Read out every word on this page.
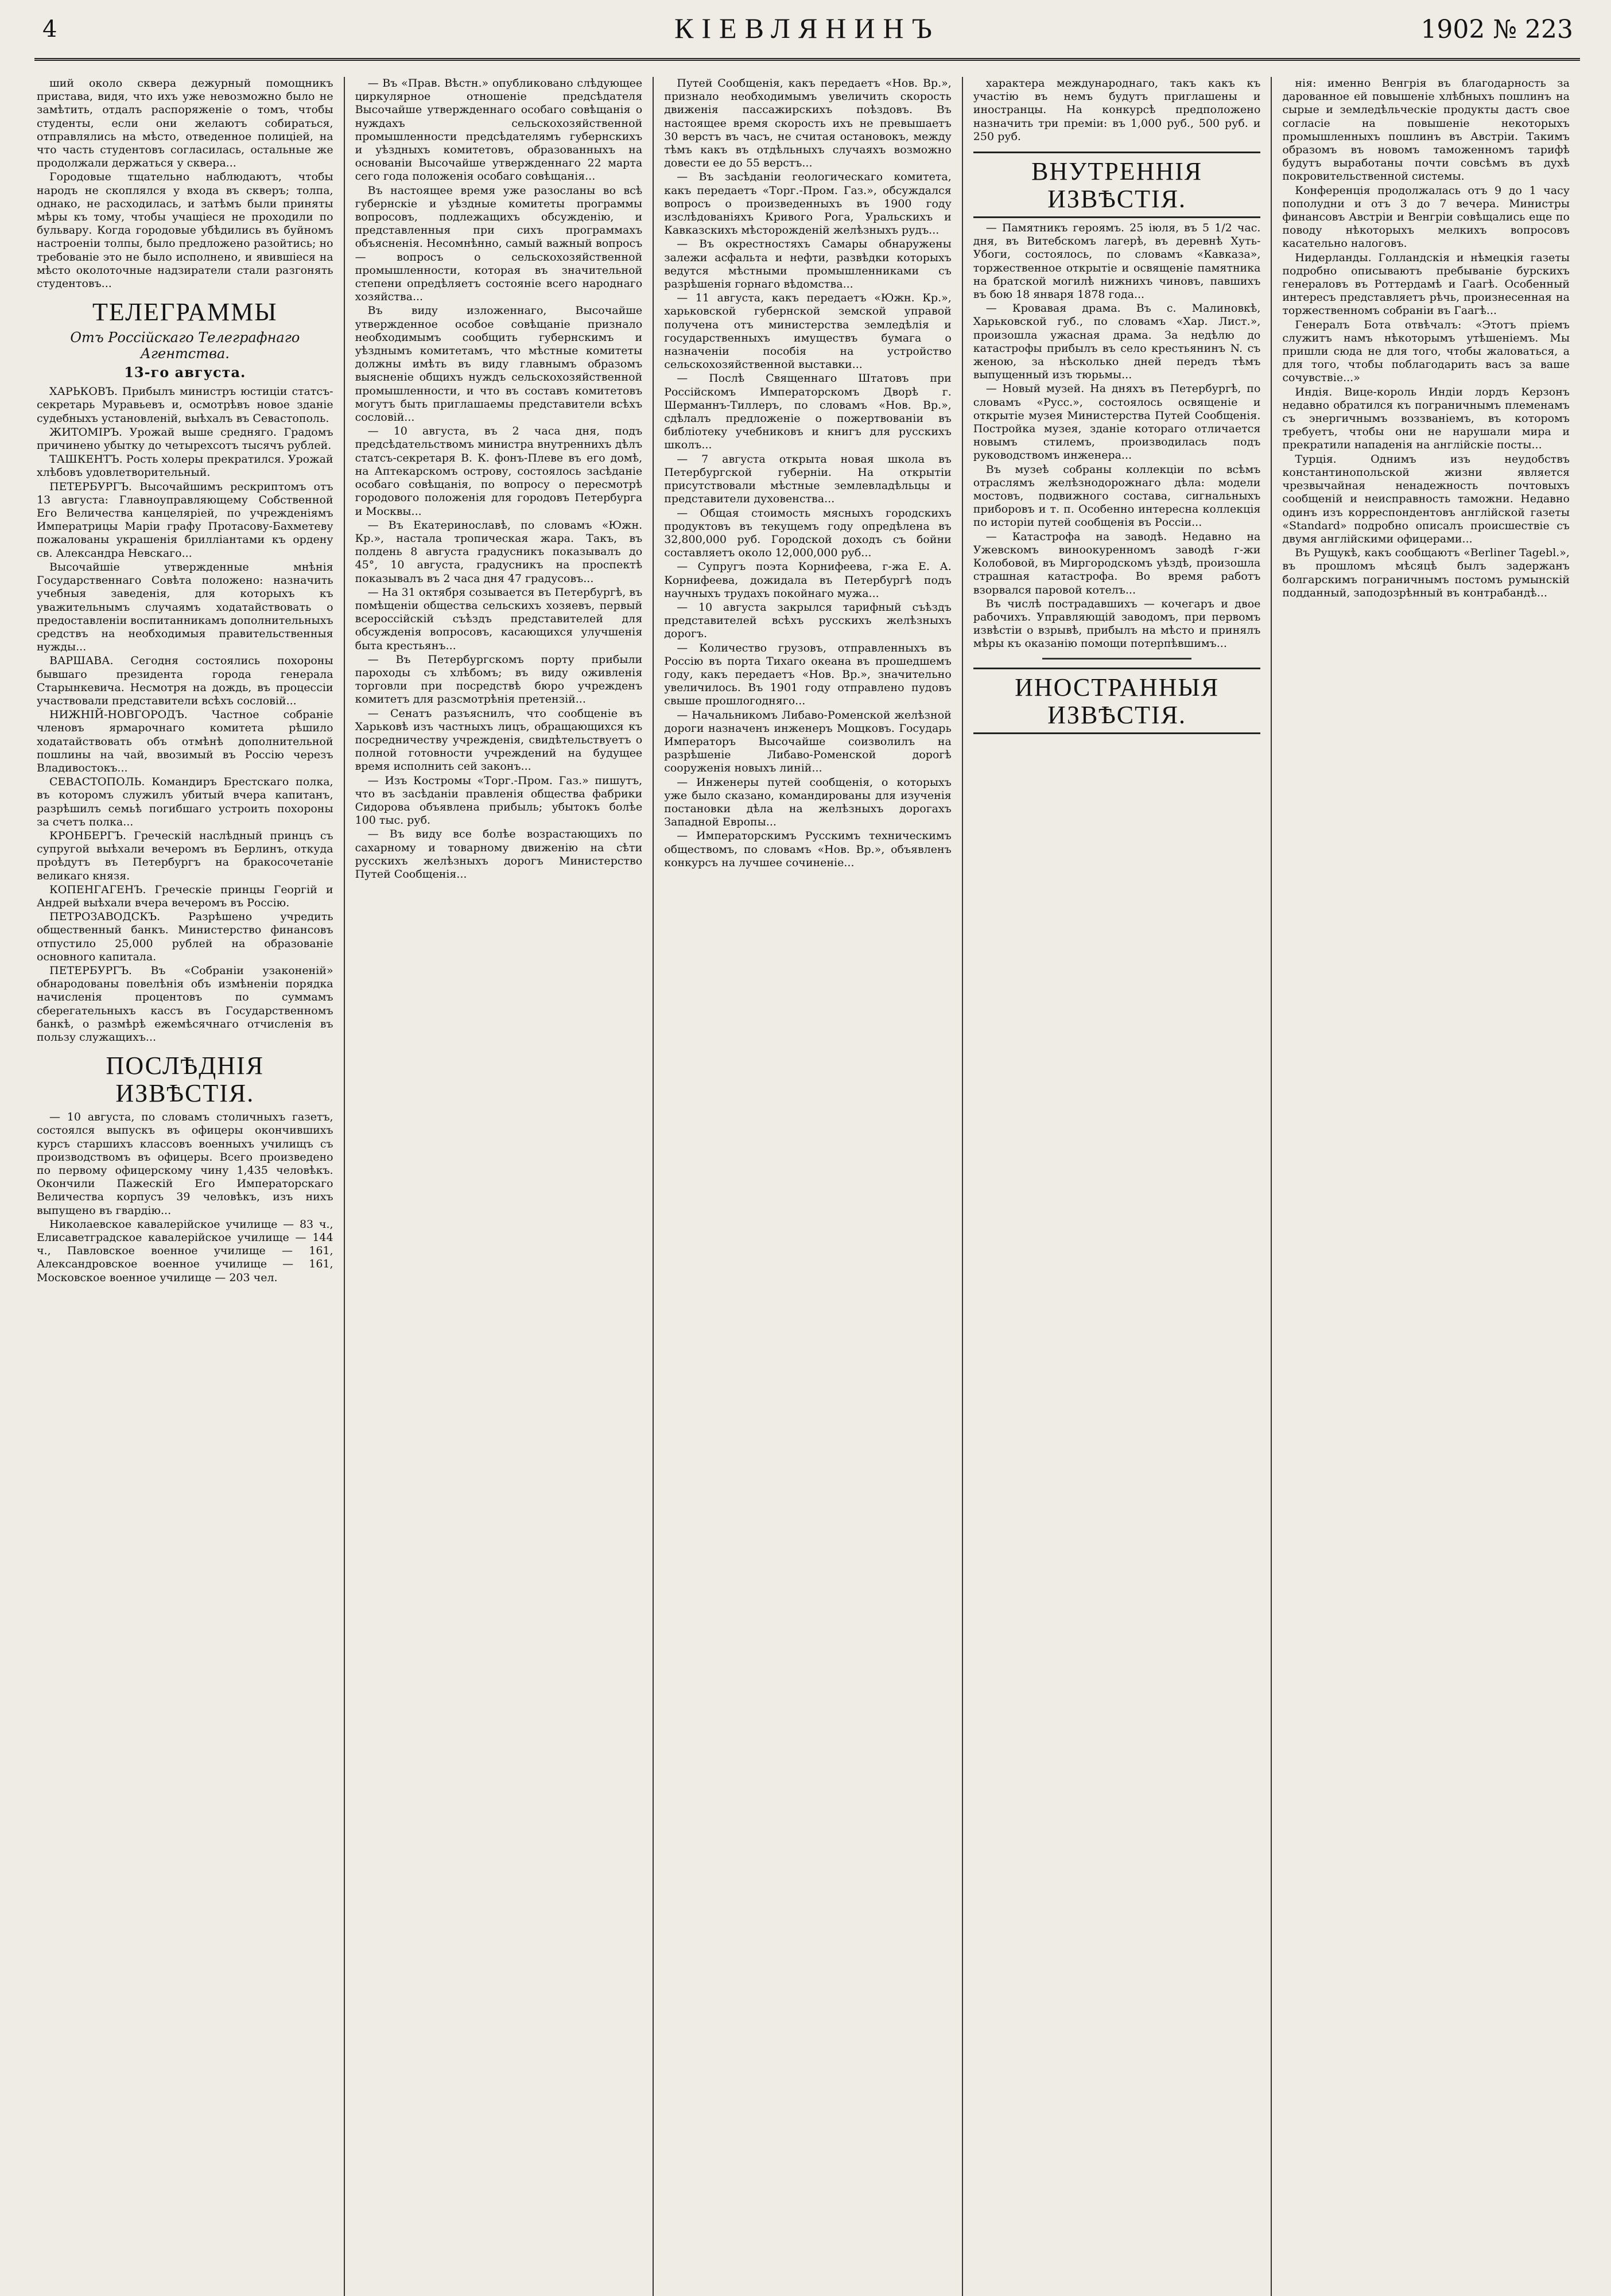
4	КІЕВЛЯНИНЪ	1902 № 223

ший около сквера дежурный помощникъ пристава, видя, что ихъ уже невозможно было не замѣтить, отдалъ распоряженіе о томъ, чтобы студенты, если они желаютъ собираться, отправлялись на мѣсто, отведенное полиціей, на что часть студентовъ согласилась, остальные же продолжали держаться у сквера...

Городовые тщательно наблюдаютъ, чтобы народъ не скоплялся у входа въ скверъ; толпа, однако, не расходилась, и затѣмъ были приняты мѣры къ тому, чтобы учащіеся не проходили по бульвару. Когда городовые убѣдились въ буйномъ настроеніи толпы, было предложено разойтись; но требованіе это не было исполнено, и явившіеся на мѣсто околоточные надзиратели стали разгонять студентовъ...

ТЕЛЕГРАММЫ
Отъ Россійскаго Телеграфнаго Агентства.
13-го августа.

ХАРЬКОВЪ. Прибылъ министръ юстиціи статсъ-секретарь Муравьевъ и, осмотрѣвъ новое зданіе судебныхъ установленій, выѣхалъ въ Севастополь.

ЖИТОМІРЪ. Урожай выше средняго. Градомъ причинено убытку до четырехсотъ тысячъ рублей.

ТАШКЕНТЪ. Рость холеры прекратился. Урожай хлѣбовъ удовлетворительный.

ПЕТЕРБУРГЪ. Высочайшимъ рескриптомъ отъ 13 августа: Главноуправляющему Собственной Его Величества канцеляріей, по учрежденіямъ Императрицы Маріи графу Протасову-Бахметеву пожалованы украшенія брилліантами къ ордену св. Александра Невскаго...

Высочайшіе утвержденные мнѣнія Государственнаго Совѣта положено: назначить учебныя заведенія, для которыхъ къ уважительнымъ случаямъ ходатайствовать о предоставленіи воспитанникамъ дополнительныхъ средствъ на необходимыя правительственныя нужды...

ВАРШАВА. Сегодня состоялись похороны бывшаго президента города генерала Старынкевича. Несмотря на дождь, въ процессіи участвовали представители всѣхъ сословій...

НИЖНІЙ-НОВГОРОДЪ. Частное собраніе членовъ ярмарочнаго комитета рѣшило ходатайствовать объ отмѣнѣ дополнительной пошлины на чай, ввозимый въ Россію черезъ Владивостокъ...

СЕВАСТОПОЛЬ. Командиръ Брестскаго полка, въ которомъ служилъ убитый вчера капитанъ, разрѣшилъ семьѣ погибшаго устроить похороны за счетъ полка...

КРОНБЕРГЪ. Греческій наслѣдный принцъ съ супругой выѣхали вечеромъ въ Берлинъ, откуда проѣдутъ въ Петербургъ на бракосочетаніе великаго князя.

КОПЕНГАГЕНЪ. Греческіе принцы Георгій и Андрей выѣхали вчера вечеромъ въ Россію.

ПЕТРОЗАВОДСКЪ. Разрѣшено учредить общественный банкъ. Министерство финансовъ отпустило 25,000 рублей на образованіе основного капитала.

ПЕТЕРБУРГЪ. Въ «Собраніи узаконеній» обнародованы повелѣнія объ измѣненіи порядка начисленія процентовъ по суммамъ сберегательныхъ кассъ въ Государственномъ банкѣ, о размѣрѣ ежемѣсячнаго отчисленія въ пользу служащихъ...

ПОСЛѢДНІЯ ИЗВѢСТІЯ.

— 10 августа, по словамъ столичныхъ газетъ, состоялся выпускъ въ офицеры окончившихъ курсъ старшихъ классовъ военныхъ училищъ съ производствомъ въ офицеры. Всего произведено по первому офицерскому чину 1,435 человѣкъ. Окончили Пажескій Его Императорскаго Величества корпусъ 39 человѣкъ, изъ нихъ выпущено въ гвардію...

Николаевское кавалерійское училище — 83 ч., Елисаветградское кавалерійское училище — 144 ч., Павловское военное училище — 161, Александровское военное училище — 161, Московское военное училище — 203 чел.

— Въ «Прав. Вѣстн.» опубликовано слѣдующее циркулярное отношеніе предсѣдателя Высочайше утвержденнаго особаго совѣщанія о нуждахъ сельскохозяйственной промышленности предсѣдателямъ губернскихъ и уѣздныхъ комитетовъ, образованныхъ на основаніи Высочайше утвержденнаго 22 марта сего года положенія особаго совѣщанія...

Въ настоящее время уже разосланы во всѣ губернскіе и уѣздные комитеты программы вопросовъ, подлежащихъ обсужденію, и представленныя при сихъ программахъ объясненія. Несомнѣнно, самый важный вопросъ — вопросъ о сельскохозяйственной промышленности, которая въ значительной степени опредѣляетъ состояніе всего народнаго хозяйства...

Въ виду изложеннаго, Высочайше утвержденное особое совѣщаніе признало необходимымъ сообщить губернскимъ и уѣзднымъ комитетамъ, что мѣстные комитеты должны имѣть въ виду главнымъ образомъ выясненіе общихъ нуждъ сельскохозяйственной промышленности, и что въ составъ комитетовъ могутъ быть приглашаемы представители всѣхъ сословій...

— 10 августа, въ 2 часа дня, подъ предсѣдательствомъ министра внутреннихъ дѣлъ статсъ-секретаря В. К. фонъ-Плеве въ его домѣ, на Аптекарскомъ острову, состоялось засѣданіе особаго совѣщанія, по вопросу о пересмотрѣ городового положенія для городовъ Петербурга и Москвы...

— Въ Екатеринославѣ, по словамъ «Южн. Кр.», настала тропическая жара. Такъ, въ полдень 8 августа градусникъ показывалъ до 45°, 10 августа, градусникъ на проспектѣ показывалъ въ 2 часа дня 47 градусовъ...

— На 31 октября созывается въ Петербургѣ, въ помѣщеніи общества сельскихъ хозяевъ, первый всероссійскій съѣздъ представителей для обсужденія вопросовъ, касающихся улучшенія быта крестьянъ...

— Въ Петербургскомъ порту прибыли пароходы съ хлѣбомъ; въ виду оживленія торговли при посредствѣ бюро учрежденъ комитетъ для разсмотрѣнія претензій...

— Сенатъ разъяснилъ, что сообщеніе въ Харьковѣ изъ частныхъ лицъ, обращающихся къ посредничеству учрежденія, свидѣтельствуетъ о полной готовности учреждений на будущее время исполнить сей законъ...

— Изъ Костромы «Торг.-Пром. Газ.» пишутъ, что въ засѣданіи правленія общества фабрики Сидорова объявлена прибыль; убытокъ болѣе 100 тыс. руб.

— Въ виду все болѣе возрастающихъ по сахарному и товарному движенію на сѣти русскихъ желѣзныхъ дорогъ Министерство Путей Сообщенія...

Путей Сообщенія, какъ передаетъ «Нов. Вр.», признало необходимымъ увеличить скорость движенія пассажирскихъ поѣздовъ. Въ настоящее время скорость ихъ не превышаетъ 30 верстъ въ часъ, не считая остановокъ, между тѣмъ какъ въ отдѣльныхъ случаяхъ возможно довести ее до 55 верстъ...

— Въ засѣданіи геологическаго комитета, какъ передаетъ «Торг.-Пром. Газ.», обсуждался вопросъ о произведенныхъ въ 1900 году изслѣдованіяхъ Кривого Рога, Уральскихъ и Кавказскихъ мѣсторожденій желѣзныхъ рудъ...

— Въ окрестностяхъ Самары обнаружены залежи асфальта и нефти, развѣдки которыхъ ведутся мѣстными промышленниками съ разрѣшенія горнаго вѣдомства...

— 11 августа, какъ передаетъ «Южн. Кр.», харьковской губернской земской управой получена отъ министерства земледѣлія и государственныхъ имуществъ бумага о назначеніи пособія на устройство сельскохозяйственной выставки...

— Послѣ Священнаго Штатовъ при Россійскомъ Императорскомъ Дворѣ г. Шерманнъ-Тиллеръ, по словамъ «Нов. Вр.», сдѣлалъ предложеніе о пожертвованіи въ библіотеку учебниковъ и книгъ для русскихъ школъ...

— 7 августа открыта новая школа въ Петербургской губерніи. На открытіи присутствовали мѣстные землевладѣльцы и представители духовенства...

— Общая стоимость мясныхъ городскихъ продуктовъ въ текущемъ году опредѣлена въ 32,800,000 руб. Городской доходъ съ бойни составляетъ около 12,000,000 руб...

— Супругъ поэта Корнифеева, г-жа Е. А. Корнифеева, дожидала въ Петербургѣ подъ научныхъ трудахъ покойнаго мужа...

— 10 августа закрылся тарифный съѣздъ представителей всѣхъ русскихъ желѣзныхъ дорогъ.

— Количество грузовъ, отправленныхъ въ Россію въ порта Тихаго океана въ прошедшемъ году, какъ передаетъ «Нов. Вр.», значительно увеличилось. Въ 1901 году отправлено пудовъ свыше прошлогодняго...

— Начальникомъ Либаво-Роменской желѣзной дороги назначенъ инженеръ Мощковъ. Государь Императоръ Высочайше соизволилъ на разрѣшеніе Либаво-Роменской дорогѣ сооруженія новыхъ линій...

— Инженеры путей сообщенія, о которыхъ уже было сказано, командированы для изученія постановки дѣла на желѣзныхъ дорогахъ Западной Европы...

— Императорскимъ Русскимъ техническимъ обществомъ, по словамъ «Нов. Вр.», объявленъ конкурсъ на лучшее сочиненіе...

характера международнаго, такъ какъ къ участію въ немъ будутъ приглашены и иностранцы. На конкурсѣ предположено назначить три преміи: въ 1,000 руб., 500 руб. и 250 руб.

ВНУТРЕННІЯ ИЗВѢСТІЯ.

— Памятникъ героямъ. 25 іюля, въ 5 1/2 час. дня, въ Витебскомъ лагерѣ, въ деревнѣ Хуть-Убоги, состоялось, по словамъ «Кавказа», торжественное открытіе и освященіе памятника на братской могилѣ нижнихъ чиновъ, павшихъ въ бою 18 января 1878 года...

— Кровавая драма. Въ с. Малиновкѣ, Харьковской губ., по словамъ «Хар. Лист.», произошла ужасная драма. За недѣлю до катастрофы прибылъ въ село крестьянинъ N. съ женою, за нѣсколько дней передъ тѣмъ выпущенный изъ тюрьмы...

— Новый музей. На дняхъ въ Петербургѣ, по словамъ «Русс.», состоялось освященіе и открытіе музея Министерства Путей Сообщенія. Постройка музея, зданіе котораго отличается новымъ стилемъ, производилась подъ руководствомъ инженера...

Въ музеѣ собраны коллекціи по всѣмъ отраслямъ желѣзнодорожнаго дѣла: модели мостовъ, подвижного состава, сигнальныхъ приборовъ и т. п. Особенно интересна коллекція по исторіи путей сообщенія въ Россіи...

— Катастрофа на заводѣ. Недавно на Ужевскомъ виноокуренномъ заводѣ г-жи Колобовой, въ Миргородскомъ уѣздѣ, произошла страшная катастрофа. Во время работъ взорвался паровой котелъ...

Въ числѣ пострадавшихъ — кочегаръ и двое рабочихъ. Управляющій заводомъ, при первомъ извѣстіи о взрывѣ, прибылъ на мѣсто и принялъ мѣры къ оказанію помощи потерпѣвшимъ...

ИНОСТРАННЫЯ ИЗВѢСТІЯ.

нія: именно Венгрія въ благодарность за дарованное ей повышеніе хлѣбныхъ пошлинъ на сырые и земледѣльческіе продукты дастъ свое согласіе на повышеніе некоторыхъ промышленныхъ пошлинъ въ Австріи. Такимъ образомъ въ новомъ таможенномъ тарифѣ будутъ выработаны почти совсѣмъ въ духѣ покровительственной системы.

Конференція продолжалась отъ 9 до 1 часу пополудни и отъ 3 до 7 вечера. Министры финансовъ Австріи и Венгріи совѣщались еще по поводу нѣкоторыхъ мелкихъ вопросовъ касательно налоговъ.

Нидерланды. Голландскія и нѣмецкія газеты подробно описываютъ пребываніе бурскихъ генераловъ въ Роттердамѣ и Гаагѣ. Особенный интересъ представляетъ рѣчь, произнесенная на торжественномъ собраніи въ Гаагѣ...

Генералъ Бота отвѣчалъ: «Этотъ пріемъ служитъ намъ нѣкоторымъ утѣшеніемъ. Мы пришли сюда не для того, чтобы жаловаться, а для того, чтобы поблагодарить васъ за ваше сочувствіе...»

Индія. Вице-король Индіи лордъ Керзонъ недавно обратился къ пограничнымъ племенамъ съ энергичнымъ воззваніемъ, въ которомъ требуетъ, чтобы они не нарушали мира и прекратили нападенія на англійскіе посты...

Турція. Однимъ изъ неудобствъ константинопольской жизни является чрезвычайная ненадежность почтовыхъ сообщеній и неисправность таможни. Недавно одинъ изъ корреспондентовъ англійской газеты «Standard» подробно описалъ происшествіе съ двумя англійскими офицерами...

Въ Рущукѣ, какъ сообщаютъ «Berliner Tagebl.», въ прошломъ мѣсяцѣ былъ задержанъ болгарскимъ пограничнымъ постомъ румынскій подданный, заподозрѣнный въ контрабандѣ...
